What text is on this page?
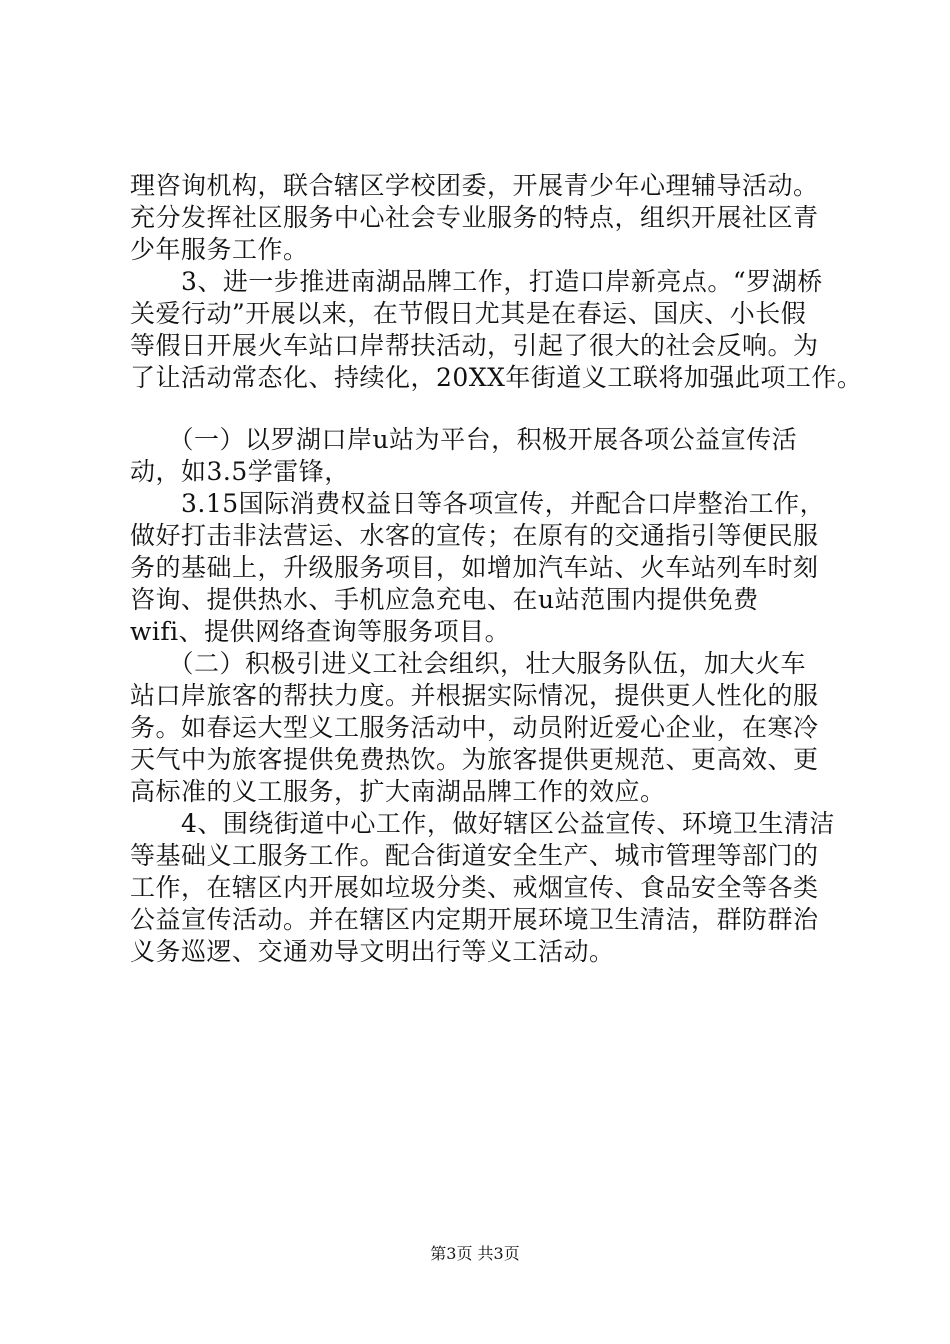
理咨询机构，联合辖区学校团委，开展青少年心理辅导活动。
充分发挥社区服务中心社会专业服务的特点，组织开展社区青
少年服务工作。
　　3、进一步推进南湖品牌工作，打造口岸新亮点。“罗湖桥
关爱行动”开展以来，在节假日尤其是在春运、国庆、小长假
等假日开展火车站口岸帮扶活动，引起了很大的社会反响。为
了让活动常态化、持续化，20XX年街道义工联将加强此项工作。
　　（一）以罗湖口岸u站为平台，积极开展各项公益宣传活
动，如3.5学雷锋，
　　3.15国际消费权益日等各项宣传，并配合口岸整治工作，
做好打击非法营运、水客的宣传；在原有的交通指引等便民服
务的基础上，升级服务项目，如增加汽车站、火车站列车时刻
咨询、提供热水、手机应急充电、在u站范围内提供免费
wifi、提供网络查询等服务项目。
　　（二）积极引进义工社会组织，壮大服务队伍，加大火车
站口岸旅客的帮扶力度。并根据实际情况，提供更人性化的服
务。如春运大型义工服务活动中，动员附近爱心企业，在寒冷
天气中为旅客提供免费热饮。为旅客提供更规范、更高效、更
高标准的义工服务，扩大南湖品牌工作的效应。
　　4、围绕街道中心工作，做好辖区公益宣传、环境卫生清洁
等基础义工服务工作。配合街道安全生产、城市管理等部门的
工作，在辖区内开展如垃圾分类、戒烟宣传、食品安全等各类
公益宣传活动。并在辖区内定期开展环境卫生清洁，群防群治
义务巡逻、交通劝导文明出行等义工活动。
第3页 共3页
